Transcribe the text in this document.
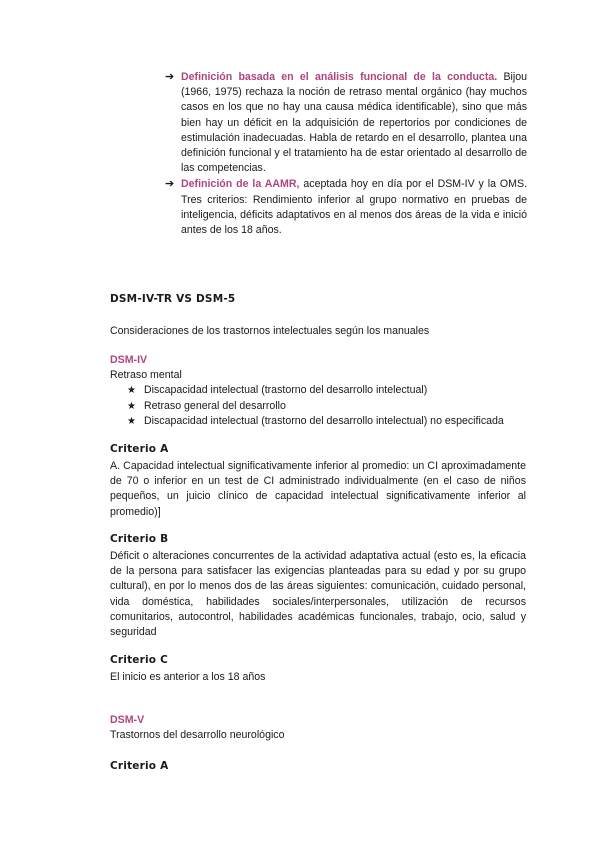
➔ Definición basada en el análisis funcional de la conducta. Bijou (1966, 1975) rechaza la noción de retraso mental orgánico (hay muchos casos en los que no hay una causa médica identificable), sino que más bien hay un déficit en la adquisición de repertorios por condiciones de estimulación inadecuadas. Habla de retardo en el desarrollo, plantea una definición funcional y el tratamiento ha de estar orientado al desarrollo de las competencias.
➔ Definición de la AAMR, aceptada hoy en día por el DSM-IV y la OMS. Tres criterios: Rendimiento inferior al grupo normativo en pruebas de inteligencia, déficits adaptativos en al menos dos áreas de la vida e inició antes de los 18 años.
DSM-IV-TR VS DSM-5
Consideraciones de los trastornos intelectuales según los manuales
DSM-IV
Retraso mental
★ Discapacidad intelectual (trastorno del desarrollo intelectual)
★ Retraso general del desarrollo
★ Discapacidad intelectual (trastorno del desarrollo intelectual) no especificada
Criterio A
A. Capacidad intelectual significativamente inferior al promedio: un CI aproximadamente de 70 o inferior en un test de CI administrado individualmente (en el caso de niños pequeños, un juicio clínico de capacidad intelectual significativamente inferior al promedio)]
Criterio B
Déficit o alteraciones concurrentes de la actividad adaptativa actual (esto es, la eficacia de la persona para satisfacer las exigencias planteadas para su edad y por su grupo cultural), en por lo menos dos de las áreas siguientes: comunicación, cuidado personal, vida doméstica, habilidades sociales/interpersonales, utilización de recursos comunitarios, autocontrol, habilidades académicas funcionales, trabajo, ocio, salud y seguridad
Criterio C
El inicio es anterior a los 18 años
DSM-V
Trastornos del desarrollo neurológico
Criterio A
